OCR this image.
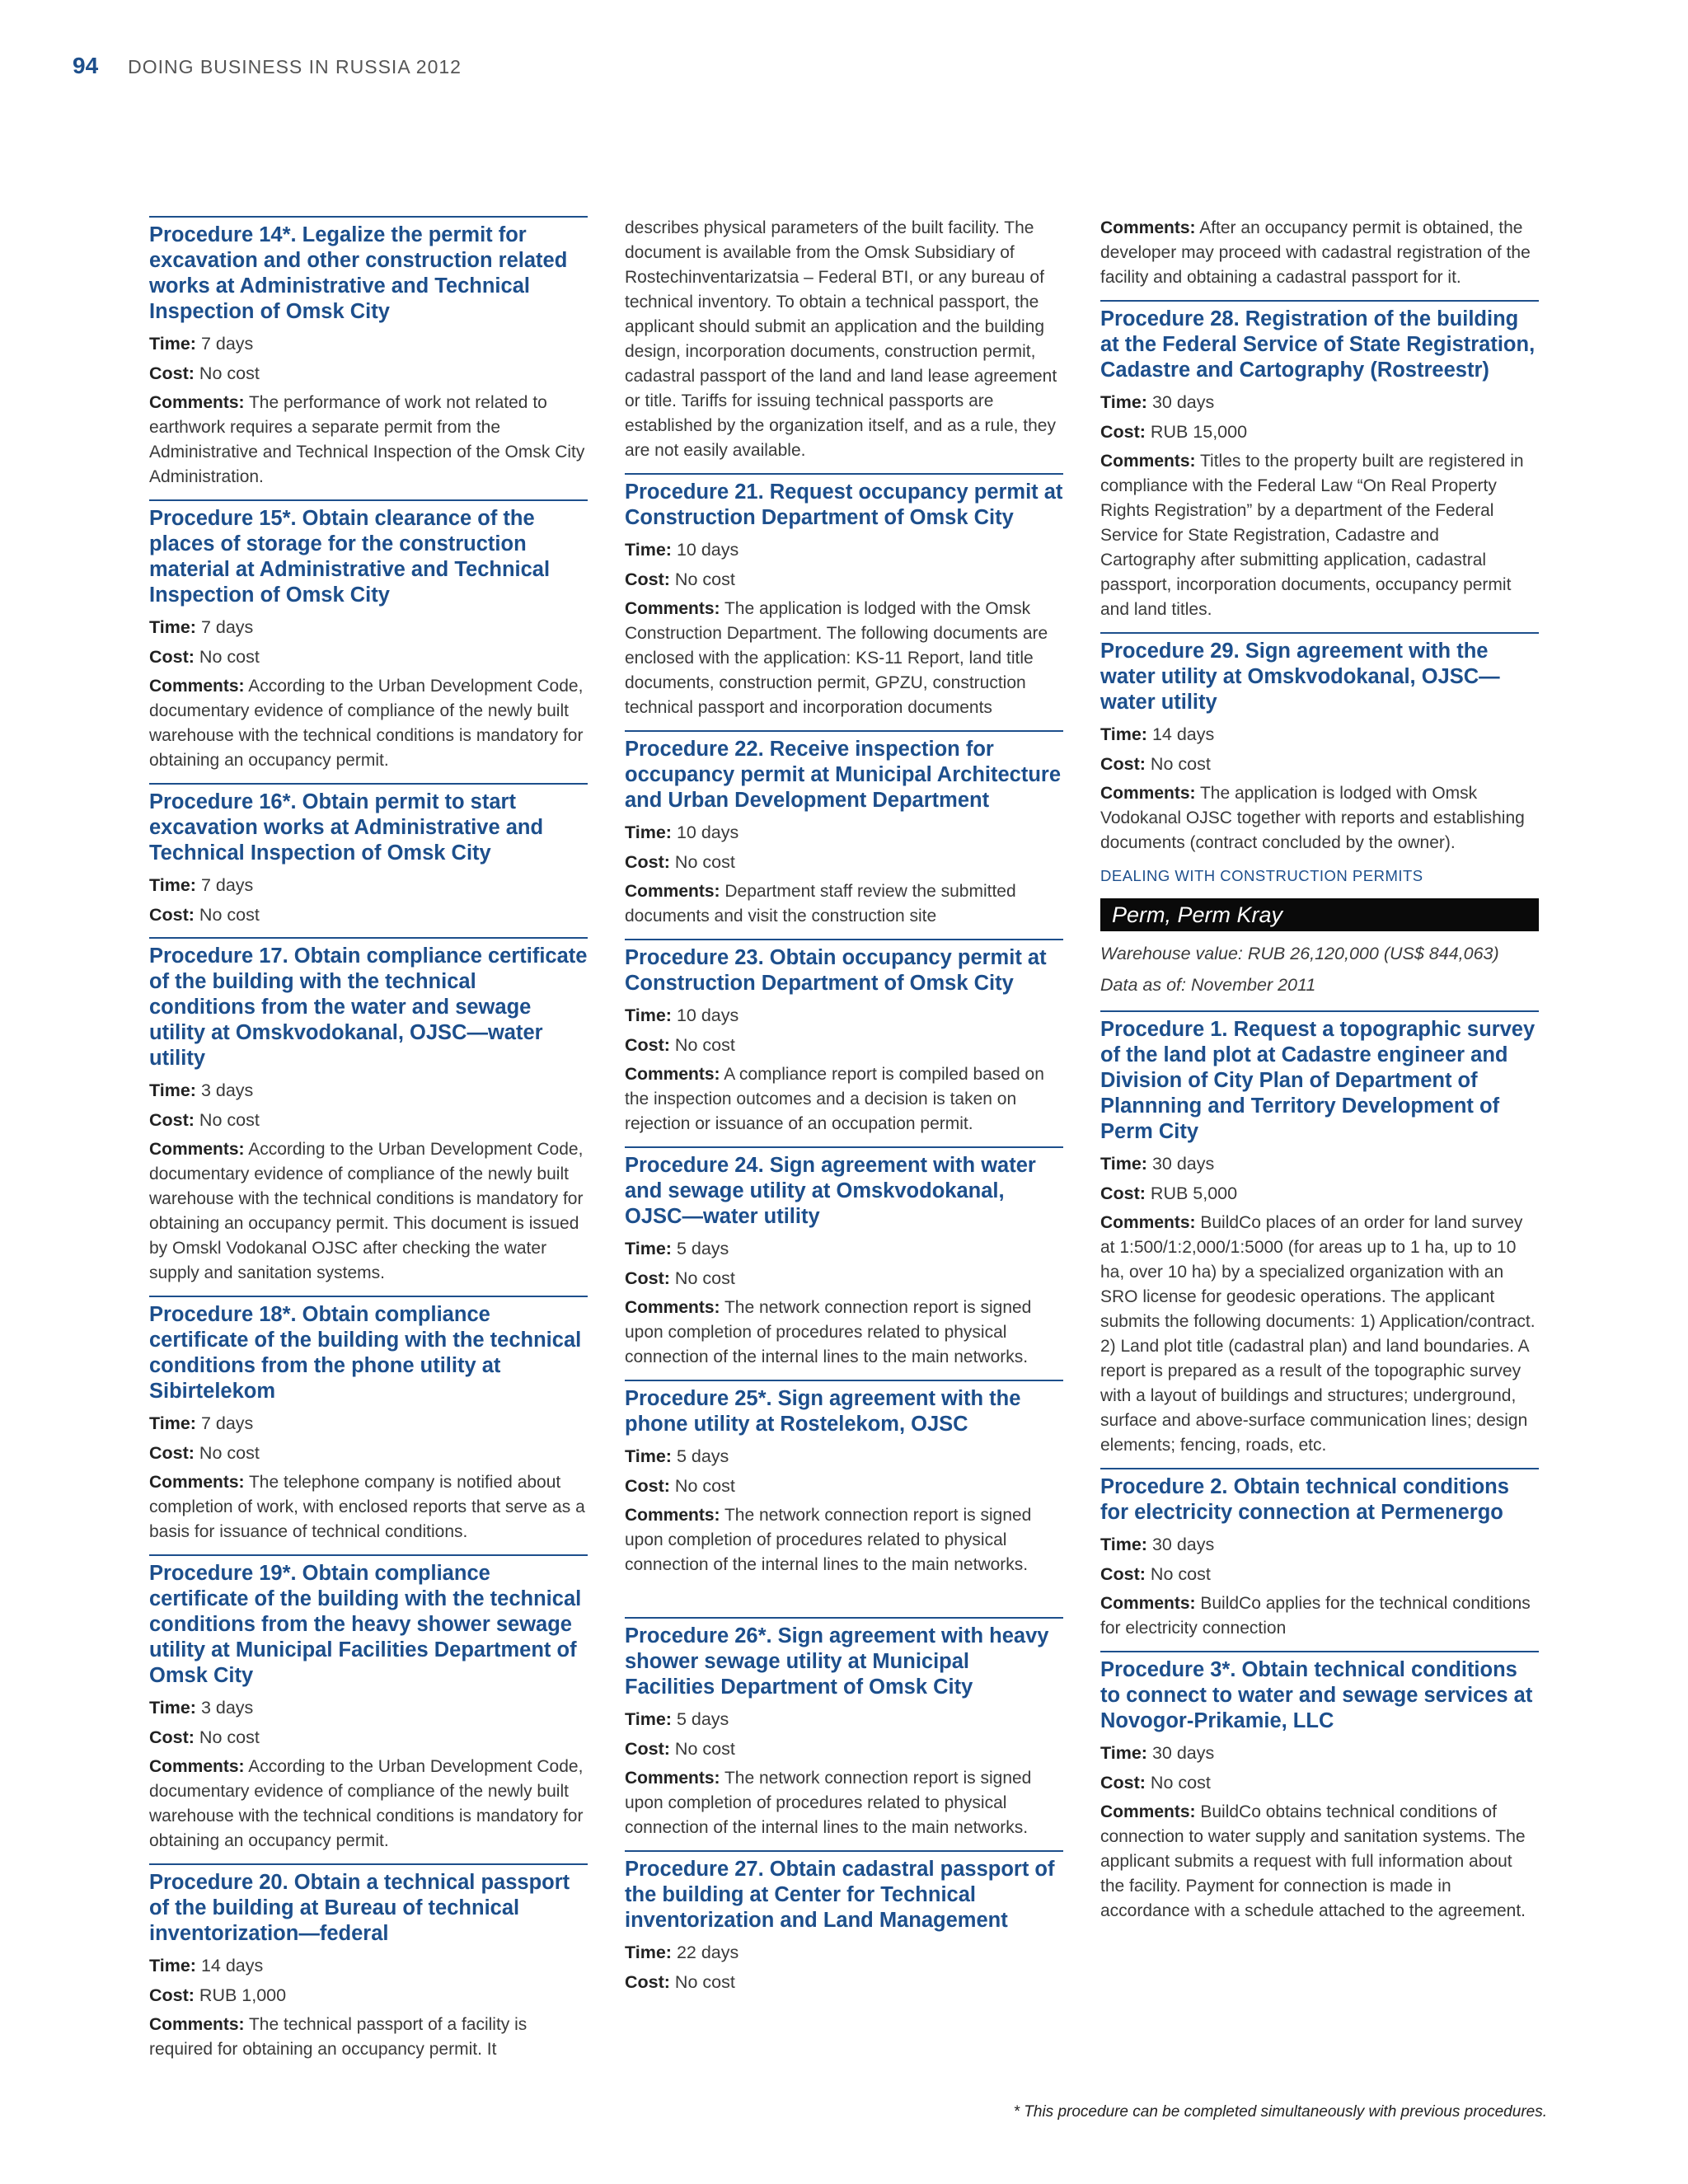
94 DOING BUSINESS IN RUSSIA 2012
Procedure 14*. Legalize the permit for excavation and other construction related works at Administrative and Technical Inspection of Omsk City
Time: 7 days
Cost: No cost
Comments: The performance of work not related to earthwork requires a separate permit from the Administrative and Technical Inspection of the Omsk City Administration.
Procedure 15*. Obtain clearance of the places of storage for the construction material at Administrative and Technical Inspection of Omsk City
Time: 7 days
Cost: No cost
Comments: According to the Urban Development Code, documentary evidence of compliance of the newly built warehouse with the technical conditions is mandatory for obtaining an occupancy permit.
Procedure 16*. Obtain permit to start excavation works at Administrative and Technical Inspection of Omsk City
Time: 7 days
Cost: No cost
Procedure 17. Obtain compliance certificate of the building with the technical conditions from the water and sewage utility at Omskvodokanal, OJSC—water utility
Time: 3 days
Cost: No cost
Comments: According to the Urban Development Code, documentary evidence of compliance of the newly built warehouse with the technical conditions is mandatory for obtaining an occupancy permit. This document is issued by Omskl Vodokanal OJSC after checking the water supply and sanitation systems.
Procedure 18*. Obtain compliance certificate of the building with the technical conditions from the phone utility at Sibirtelekom
Time: 7 days
Cost: No cost
Comments: The telephone company is notified about completion of work, with enclosed reports that serve as a basis for issuance of technical conditions.
Procedure 19*. Obtain compliance certificate of the building with the technical conditions from the heavy shower sewage utility at Municipal Facilities Department of Omsk City
Time: 3 days
Cost: No cost
Comments: According to the Urban Development Code, documentary evidence of compliance of the newly built warehouse with the technical conditions is mandatory for obtaining an occupancy permit.
Procedure 20. Obtain a technical passport of the building at Bureau of technical inventorization—federal
Time: 14 days
Cost: RUB 1,000
Comments: The technical passport of a facility is required for obtaining an occupancy permit. It

describes physical parameters of the built facility. The document is available from the Omsk Subsidiary of Rostechinventarizatsia – Federal BTI, or any bureau of technical inventory. To obtain a technical passport, the applicant should submit an application and the building design, incorporation documents, construction permit, cadastral passport of the land and land lease agreement or title. Tariffs for issuing technical passports are established by the organization itself, and as a rule, they are not easily available.

Procedure 21. Request occupancy permit at Construction Department of Omsk City
Time: 10 days
Cost: No cost
Comments: The application is lodged with the Omsk Construction Department. The following documents are enclosed with the application: KS-11 Report, land title documents, construction permit, GPZU, construction technical passport and incorporation documents
Procedure 22. Receive inspection for occupancy permit at Municipal Architecture and Urban Development Department
Time: 10 days
Cost: No cost
Comments: Department staff review the submitted documents and visit the construction site
Procedure 23. Obtain occupancy permit at Construction Department of Omsk City
Time: 10 days
Cost: No cost
Comments: A compliance report is compiled based on the inspection outcomes and a decision is taken on rejection or issuance of an occupation permit.
Procedure 24. Sign agreement with water and sewage utility at Omskvodokanal, OJSC—water utility
Time: 5 days
Cost: No cost
Comments: The network connection report is signed upon completion of procedures related to physical connection of the internal lines to the main networks.
Procedure 25*. Sign agreement with the phone utility at Rostelekom, OJSC
Time: 5 days
Cost: No cost
Comments: The network connection report is signed upon completion of procedures related to physical connection of the internal lines to the main networks.
Procedure 26*. Sign agreement with heavy shower sewage utility at Municipal Facilities Department of Omsk City
Time: 5 days
Cost: No cost
Comments: The network connection report is signed upon completion of procedures related to physical connection of the internal lines to the main networks.
Procedure 27. Obtain cadastral passport of the building at Center for Technical inventorization and Land Management
Time: 22 days
Cost: No cost

Comments: After an occupancy permit is obtained, the developer may proceed with cadastral registration of the facility and obtaining a cadastral passport for it.

Procedure 28. Registration of the building at the Federal Service of State Registration, Cadastre and Cartography (Rostreestr)
Time: 30 days
Cost: RUB 15,000
Comments: Titles to the property built are registered in compliance with the Federal Law “On Real Property Rights Registration” by a department of the Federal Service for State Registration, Cadastre and Cartography after submitting application, cadastral passport, incorporation documents, occupancy permit and land titles.
Procedure 29. Sign agreement with the water utility at Omskvodokanal, OJSC—water utility
Time: 14 days
Cost: No cost
Comments: The application is lodged with Omsk Vodokanal OJSC together with reports and establishing documents (contract concluded by the owner).
DEALING WITH CONSTRUCTION PERMITS
Perm, Perm Kray
Warehouse value: RUB 26,120,000 (US$ 844,063)
Data as of: November 2011
Procedure 1. Request a topographic survey of the land plot at Cadastre engineer and Division of City Plan of Department of Plannning and Territory Development of Perm City
Time: 30 days
Cost: RUB 5,000
Comments: BuildCo places of an order for land survey at 1:500/1:2,000/1:5000 (for areas up to 1 ha, up to 10 ha, over 10 ha) by a specialized organization with an SRO license for geodesic operations. The applicant submits the following documents: 1) Application/contract. 2) Land plot title (cadastral plan) and land boundaries. A report is prepared as a result of the topographic survey with a layout of buildings and structures; underground, surface and above-surface communication lines; design elements; fencing, roads, etc.
Procedure 2. Obtain technical conditions for electricity connection at Permenergo
Time: 30 days
Cost: No cost
Comments: BuildCo applies for the technical conditions for electricity connection
Procedure 3*. Obtain technical conditions to connect to water and sewage services at Novogor-Prikamie, LLC
Time: 30 days
Cost: No cost
Comments: BuildCo obtains technical conditions of connection to water supply and sanitation systems. The applicant submits a request with full information about the facility. Payment for connection is made in accordance with a schedule attached to the agreement.
* This procedure can be completed simultaneously with previous procedures.
